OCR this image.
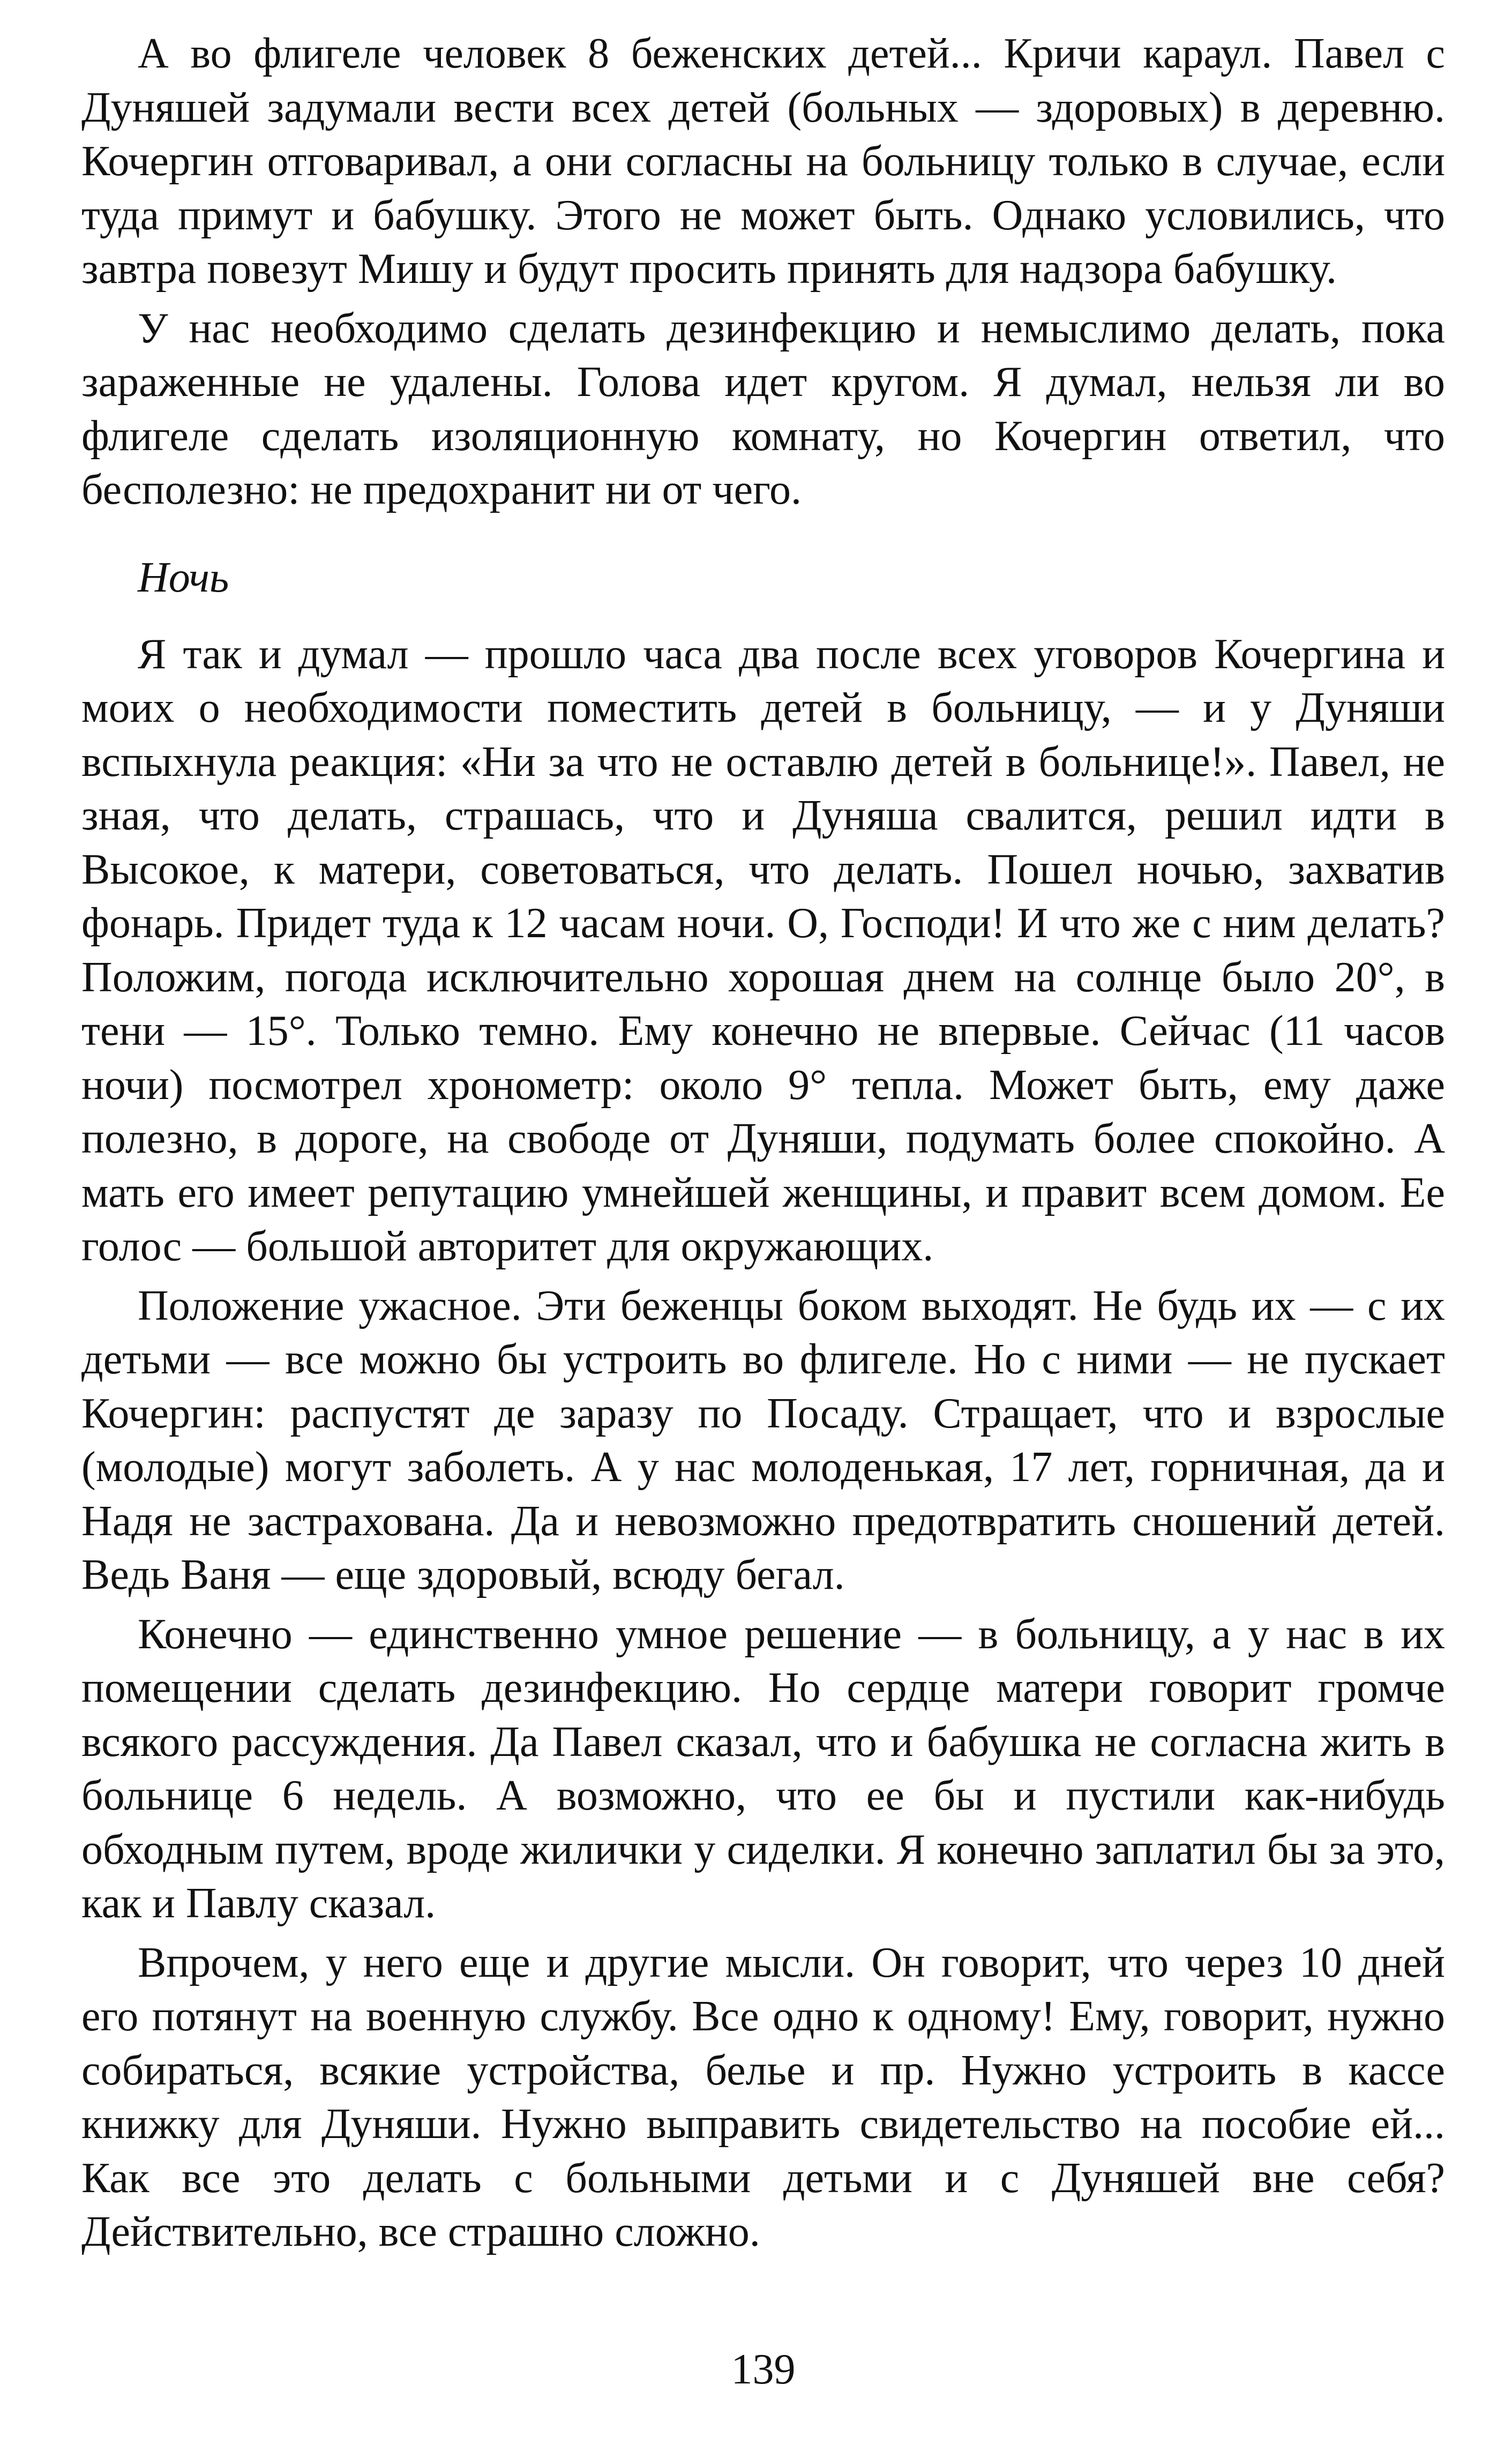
А во флигеле человек 8 беженских детей... Кричи караул. Павел с Дуняшей задумали вести всех детей (больных — здоровых) в деревню. Кочергин отговаривал, а они согласны на больницу только в случае, если туда примут и бабушку. Этого не может быть. Однако условились, что завтра повезут Мишу и будут просить принять для надзора бабушку.

У нас необходимо сделать дезинфекцию и немыслимо делать, пока зараженные не удалены. Голова идет кругом. Я думал, нельзя ли во флигеле сделать изоляционную комнату, но Кочергин ответил, что бесполезно: не предохранит ни от чего.

Ночь

Я так и думал — прошло часа два после всех уговоров Кочергина и моих о необходимости поместить детей в больницу, — и у Дуняши вспыхнула реакция: «Ни за что не оставлю детей в больнице!». Павел, не зная, что делать, страшась, что и Дуняша свалится, решил идти в Высокое, к матери, советоваться, что делать. Пошел ночью, захватив фонарь. Придет туда к 12 часам ночи. О, Господи! И что же с ним делать? Положим, погода исключительно хорошая днем на солнце было 20°, в тени — 15°. Только темно. Ему конечно не впервые. Сейчас (11 часов ночи) посмотрел хронометр: около 9° тепла. Может быть, ему даже полезно, в дороге, на свободе от Дуняши, подумать более спокойно. А мать его имеет репутацию умнейшей женщины, и правит всем домом. Ее голос — большой авторитет для окружающих.

Положение ужасное. Эти беженцы боком выходят. Не будь их — с их детьми — все можно бы устроить во флигеле. Но с ними — не пускает Кочергин: распустят де заразу по Посаду. Стращает, что и взрослые (молодые) могут заболеть. А у нас молоденькая, 17 лет, горничная, да и Надя не застрахована. Да и невозможно предотвратить сношений детей. Ведь Ваня — еще здоровый, всюду бегал.

Конечно — единственно умное решение — в больницу, а у нас в их помещении сделать дезинфекцию. Но сердце матери говорит громче всякого рассуждения. Да Павел сказал, что и бабушка не согласна жить в больнице 6 недель. А возможно, что ее бы и пустили как-нибудь обходным путем, вроде жилички у сиделки. Я конечно заплатил бы за это, как и Павлу сказал.

Впрочем, у него еще и другие мысли. Он говорит, что через 10 дней его потянут на военную службу. Все одно к одному! Ему, говорит, нужно собираться, всякие устройства, белье и пр. Нужно устроить в кассе книжку для Дуняши. Нужно выправить свидетельство на пособие ей... Как все это делать с больными детьми и с Дуняшей вне себя? Действительно, все страшно сложно.

139
